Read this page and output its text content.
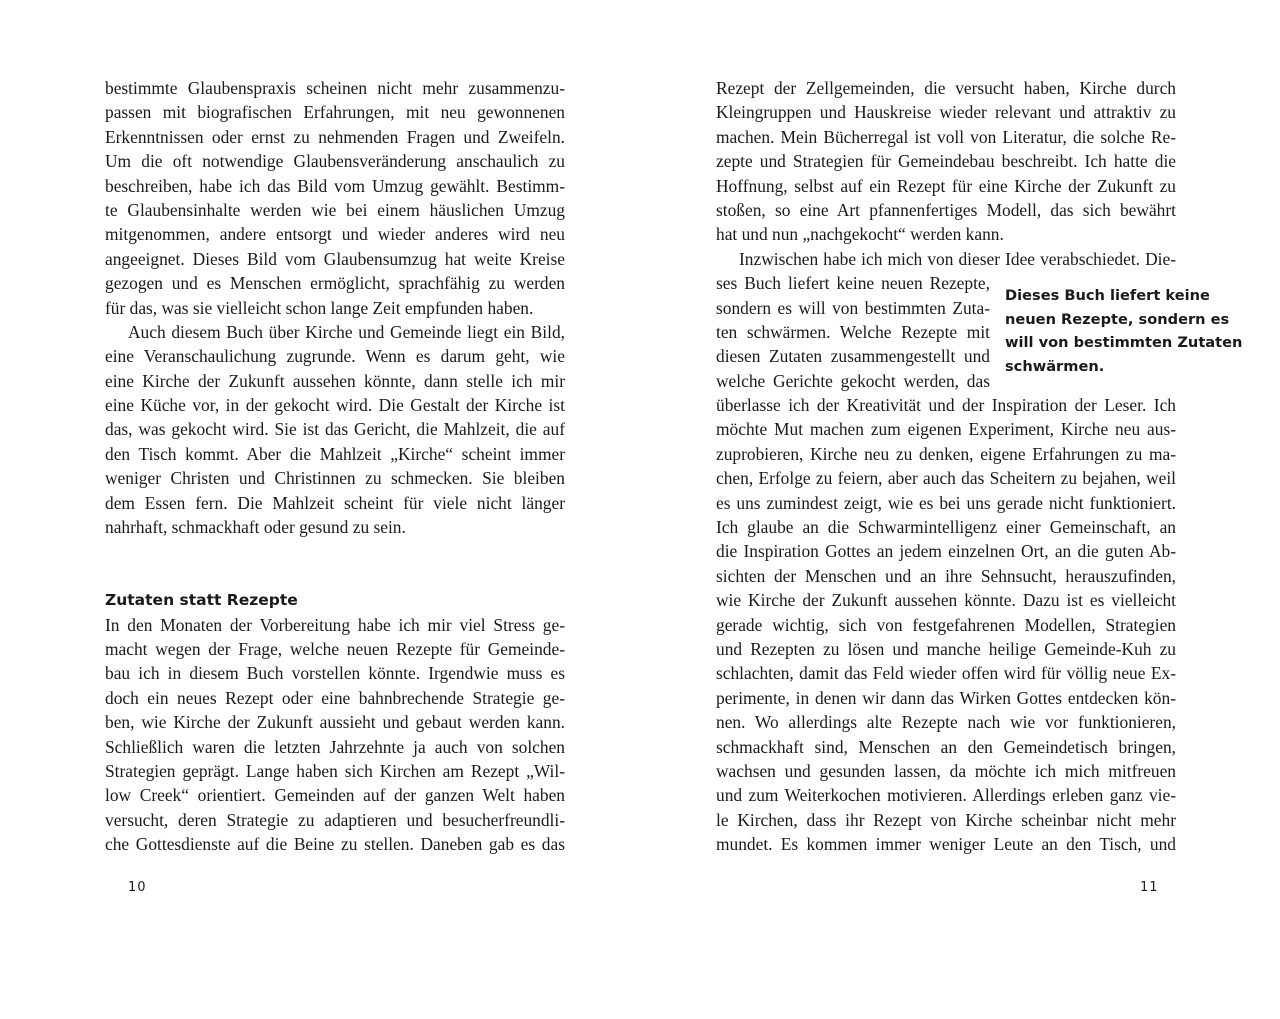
bestimmte Glaubenspraxis scheinen nicht mehr zusammenzu-
passen mit biografischen Erfahrungen, mit neu gewonnenen
Erkenntnissen oder ernst zu nehmenden Fragen und Zweifeln.
Um die oft notwendige Glaubensveränderung anschaulich zu
beschreiben, habe ich das Bild vom Umzug gewählt. Bestimm-
te Glaubensinhalte werden wie bei einem häuslichen Umzug
mitgenommen, andere entsorgt und wieder anderes wird neu
angeeignet. Dieses Bild vom Glaubensumzug hat weite Kreise
gezogen und es Menschen ermöglicht, sprachfähig zu werden
für das, was sie vielleicht schon lange Zeit empfunden haben.
Auch diesem Buch über Kirche und Gemeinde liegt ein Bild,
eine Veranschaulichung zugrunde. Wenn es darum geht, wie
eine Kirche der Zukunft aussehen könnte, dann stelle ich mir
eine Küche vor, in der gekocht wird. Die Gestalt der Kirche ist
das, was gekocht wird. Sie ist das Gericht, die Mahlzeit, die auf
den Tisch kommt. Aber die Mahlzeit „Kirche“ scheint immer
weniger Christen und Christinnen zu schmecken. Sie bleiben
dem Essen fern. Die Mahlzeit scheint für viele nicht länger
nahrhaft, schmackhaft oder gesund zu sein.
Zutaten statt Rezepte
In den Monaten der Vorbereitung habe ich mir viel Stress ge-
macht wegen der Frage, welche neuen Rezepte für Gemeinde-
bau ich in diesem Buch vorstellen könnte. Irgendwie muss es
doch ein neues Rezept oder eine bahnbrechende Strategie ge-
ben, wie Kirche der Zukunft aussieht und gebaut werden kann.
Schließlich waren die letzten Jahrzehnte ja auch von solchen
Strategien geprägt. Lange haben sich Kirchen am Rezept „Wil-
low Creek“ orientiert. Gemeinden auf der ganzen Welt haben
versucht, deren Strategie zu adaptieren und besucherfreundli-
che Gottesdienste auf die Beine zu stellen. Daneben gab es das
10
Rezept der Zellgemeinden, die versucht haben, Kirche durch
Kleingruppen und Hauskreise wieder relevant und attraktiv zu
machen. Mein Bücherregal ist voll von Literatur, die solche Re-
zepte und Strategien für Gemeindebau beschreibt. Ich hatte die
Hoffnung, selbst auf ein Rezept für eine Kirche der Zukunft zu
stoßen, so eine Art pfannenfertiges Modell, das sich bewährt
hat und nun „nachgekocht“ werden kann.
Inzwischen habe ich mich von dieser Idee verabschiedet. Die-
ses Buch liefert keine neuen Rezepte,
sondern es will von bestimmten Zuta-
ten schwärmen. Welche Rezepte mit
diesen Zutaten zusammengestellt und
welche Gerichte gekocht werden, das
überlasse ich der Kreativität und der Inspiration der Leser. Ich
möchte Mut machen zum eigenen Experiment, Kirche neu aus-
zuprobieren, Kirche neu zu denken, eigene Erfahrungen zu ma-
chen, Erfolge zu feiern, aber auch das Scheitern zu bejahen, weil
es uns zumindest zeigt, wie es bei uns gerade nicht funktioniert.
Ich glaube an die Schwarmintelligenz einer Gemeinschaft, an
die Inspiration Gottes an jedem einzelnen Ort, an die guten Ab-
sichten der Menschen und an ihre Sehnsucht, herauszufinden,
wie Kirche der Zukunft aussehen könnte. Dazu ist es vielleicht
gerade wichtig, sich von festgefahrenen Modellen, Strategien
und Rezepten zu lösen und manche heilige Gemeinde-Kuh zu
schlachten, damit das Feld wieder offen wird für völlig neue Ex-
perimente, in denen wir dann das Wirken Gottes entdecken kön-
nen. Wo allerdings alte Rezepte nach wie vor funktionieren,
schmackhaft sind, Menschen an den Gemeindetisch bringen,
wachsen und gesunden lassen, da möchte ich mich mitfreuen
und zum Weiterkochen motivieren. Allerdings erleben ganz vie-
le Kirchen, dass ihr Rezept von Kirche scheinbar nicht mehr
mundet. Es kommen immer weniger Leute an den Tisch, und
Dieses Buch liefert keine
neuen Rezepte, sondern es
will von bestimmten Zutaten
schwärmen.
11
